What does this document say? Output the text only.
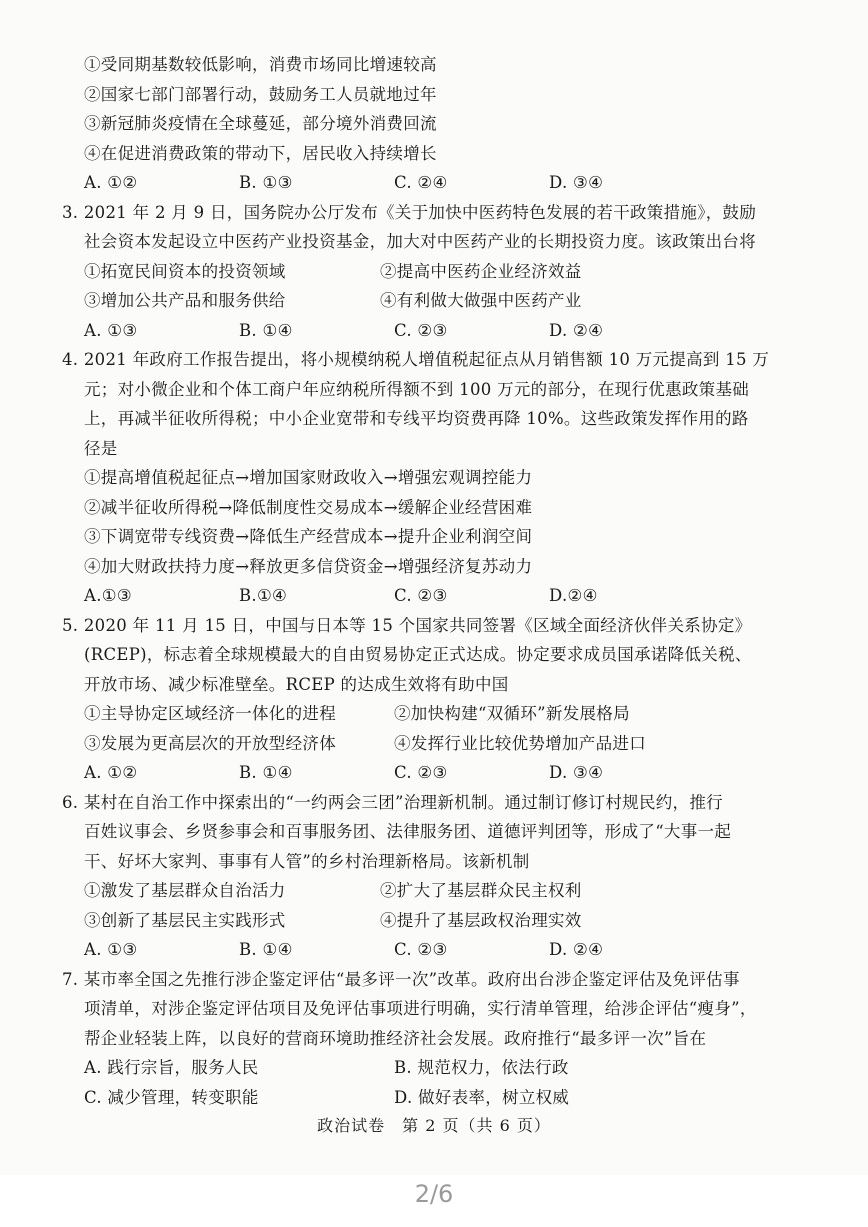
①受同期基数较低影响，消费市场同比增速较高
②国家七部门部署行动，鼓励务工人员就地过年
③新冠肺炎疫情在全球蔓延，部分境外消费回流
④在促进消费政策的带动下，居民收入持续增长
A. ①②	B. ①③	C. ②④	D. ③④
3. 2021 年 2 月 9 日，国务院办公厅发布《关于加快中医药特色发展的若干政策措施》，鼓励
社会资本发起设立中医药产业投资基金，加大对中医药产业的长期投资力度。该政策出台将
①拓宽民间资本的投资领域	②提高中医药企业经济效益
③增加公共产品和服务供给	④有利做大做强中医药产业
A. ①③	B. ①④	C. ②③	D. ②④
4. 2021 年政府工作报告提出，将小规模纳税人增值税起征点从月销售额 10 万元提高到 15 万
元；对小微企业和个体工商户年应纳税所得额不到 100 万元的部分，在现行优惠政策基础
上，再减半征收所得税；中小企业宽带和专线平均资费再降 10%。这些政策发挥作用的路
径是
①提高增值税起征点→增加国家财政收入→增强宏观调控能力
②减半征收所得税→降低制度性交易成本→缓解企业经营困难
③下调宽带专线资费→降低生产经营成本→提升企业利润空间
④加大财政扶持力度→释放更多信贷资金→增强经济复苏动力
A.①③	B.①④	C. ②③	D.②④
5. 2020 年 11 月 15 日，中国与日本等 15 个国家共同签署《区域全面经济伙伴关系协定》
(RCEP)，标志着全球规模最大的自由贸易协定正式达成。协定要求成员国承诺降低关税、
开放市场、减少标准壁垒。RCEP 的达成生效将有助中国
①主导协定区域经济一体化的进程	②加快构建“双循环”新发展格局
③发展为更高层次的开放型经济体	④发挥行业比较优势增加产品进口
A. ①②	B. ①④	C. ②③	D. ③④
6. 某村在自治工作中探索出的“一约两会三团”治理新机制。通过制订修订村规民约，推行
百姓议事会、乡贤参事会和百事服务团、法律服务团、道德评判团等，形成了“大事一起
干、好坏大家判、事事有人管”的乡村治理新格局。该新机制
①激发了基层群众自治活力	②扩大了基层群众民主权利
③创新了基层民主实践形式	④提升了基层政权治理实效
A. ①③	B. ①④	C. ②③	D. ②④
7. 某市率全国之先推行涉企鉴定评估“最多评一次”改革。政府出台涉企鉴定评估及免评估事
项清单，对涉企鉴定评估项目及免评估事项进行明确，实行清单管理，给涉企评估“瘦身”，
帮企业轻装上阵，以良好的营商环境助推经济社会发展。政府推行“最多评一次”旨在
A. 践行宗旨，服务人民	B. 规范权力，依法行政
C. 减少管理，转变职能	D. 做好表率，树立权威
政治试卷　第 2 页（共 6 页）
2/6
